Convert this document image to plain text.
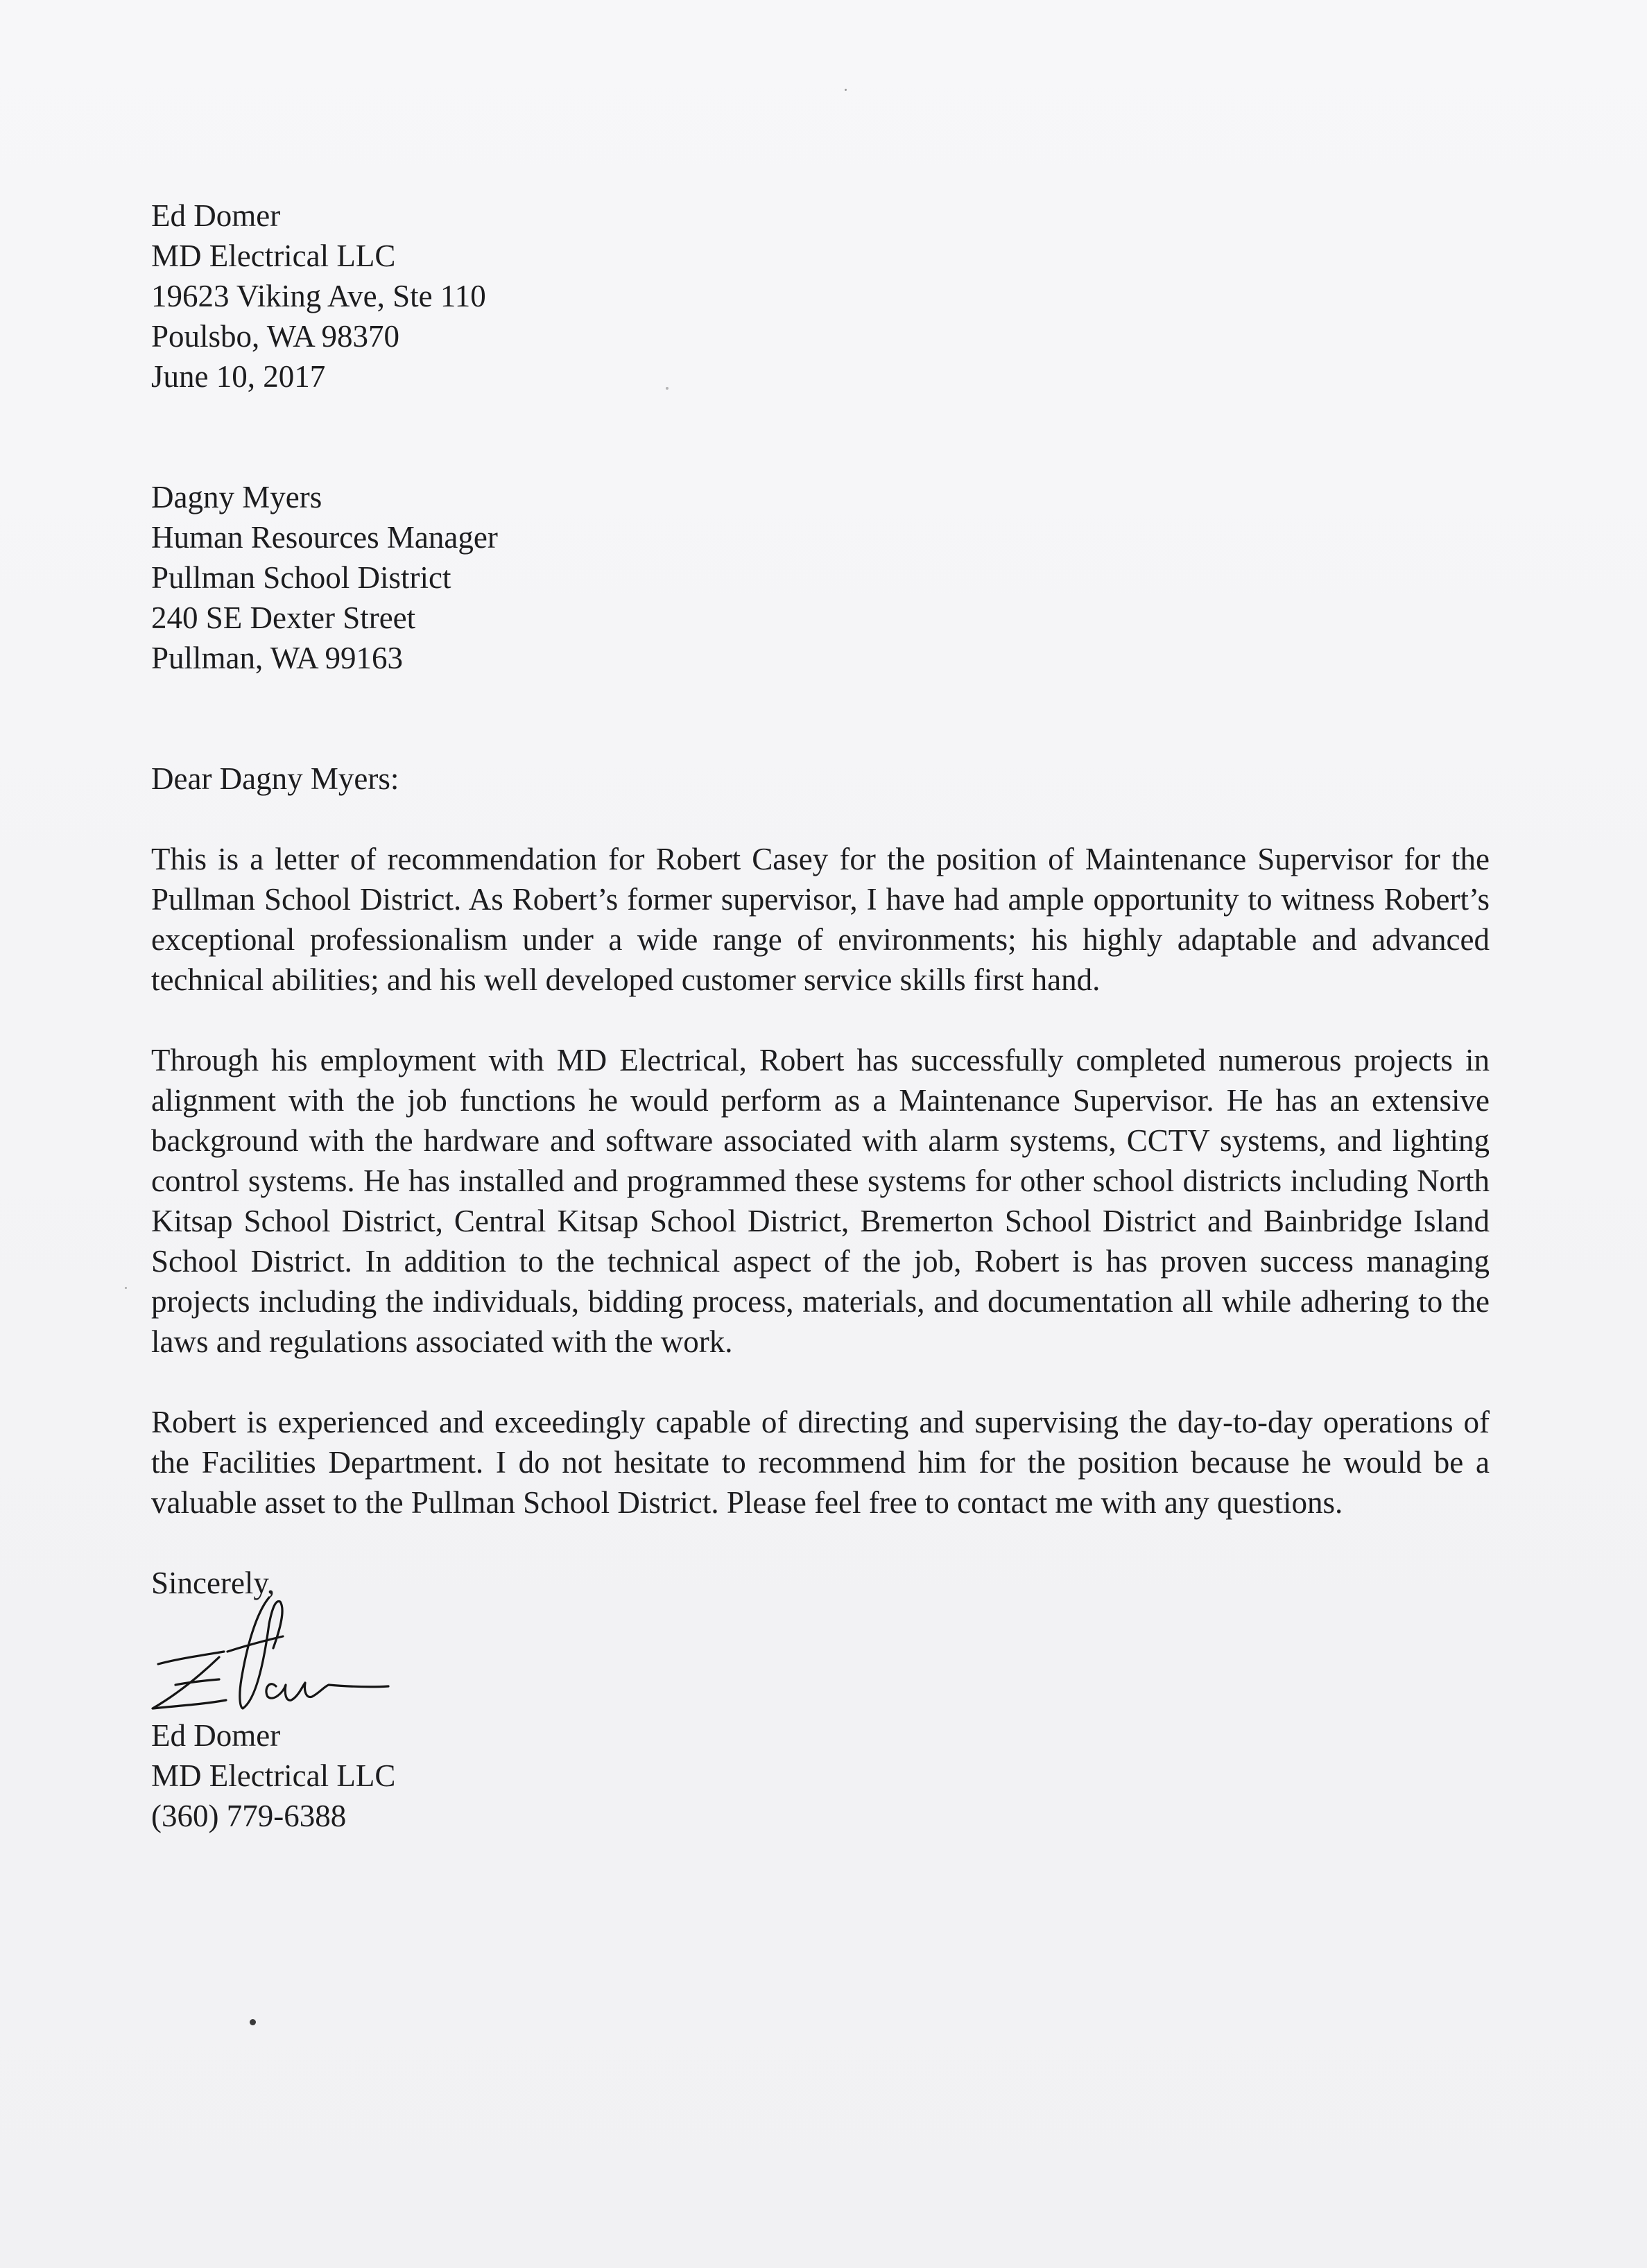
Ed Domer
MD Electrical LLC
19623 Viking Ave, Ste 110
Poulsbo, WA 98370
June 10, 2017
Dagny Myers
Human Resources Manager
Pullman School District
240 SE Dexter Street
Pullman, WA 99163
Dear Dagny Myers:

This is a letter of recommendation for Robert Casey for the position of Maintenance Supervisor for the Pullman School District. As Robert’s former supervisor, I have had ample opportunity to witness Robert’s exceptional professionalism under a wide range of environments; his highly adaptable and advanced technical abilities; and his well developed customer service skills first hand.

Through his employment with MD Electrical, Robert has successfully completed numerous projects in alignment with the job functions he would perform as a Maintenance Supervisor. He has an extensive background with the hardware and software associated with alarm systems, CCTV systems, and lighting control systems. He has installed and programmed these systems for other school districts including North Kitsap School District, Central Kitsap School District, Bremerton School District and Bainbridge Island School District. In addition to the technical aspect of the job, Robert is has proven success managing projects including the individuals, bidding process, materials, and documentation all while adhering to the laws and regulations associated with the work.

Robert is experienced and exceedingly capable of directing and supervising the day-to-day operations of the Facilities Department. I do not hesitate to recommend him for the position because he would be a valuable asset to the Pullman School District. Please feel free to contact me with any questions.

Sincerely,
Ed Domer
MD Electrical LLC
(360) 779-6388
